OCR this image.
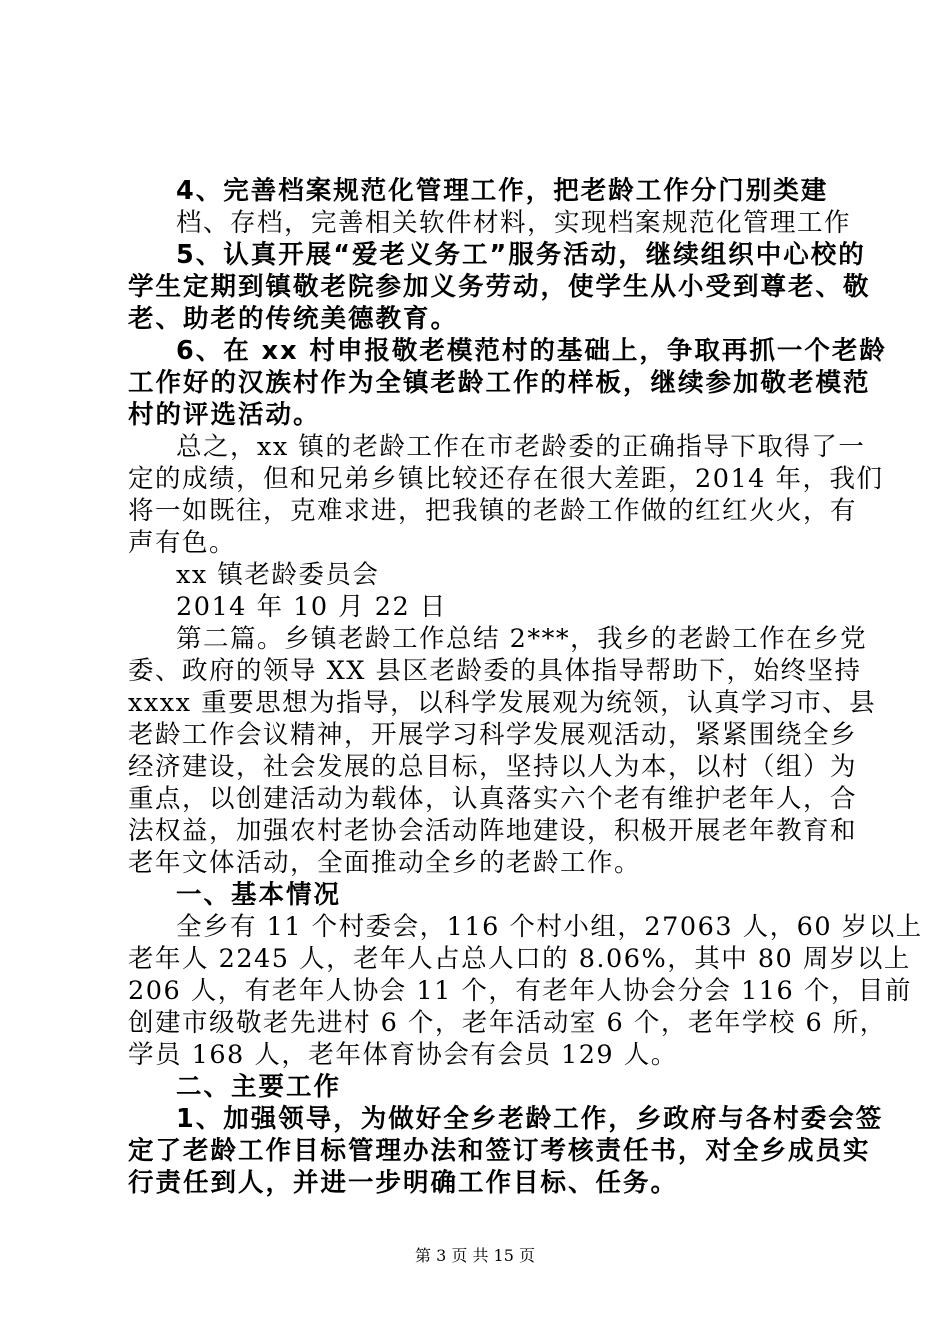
4、完善档案规范化管理工作，把老龄工作分门别类建
档、存档，完善相关软件材料，实现档案规范化管理工作
5、认真开展“爱老义务工”服务活动，继续组织中心校的
学生定期到镇敬老院参加义务劳动，使学生从小受到尊老、敬
老、助老的传统美德教育。
6、在 xx 村申报敬老模范村的基础上，争取再抓一个老龄
工作好的汉族村作为全镇老龄工作的样板，继续参加敬老模范
村的评选活动。
总之，xx 镇的老龄工作在市老龄委的正确指导下取得了一
定的成绩，但和兄弟乡镇比较还存在很大差距，2014 年，我们
将一如既往，克难求进，把我镇的老龄工作做的红红火火，有
声有色。
xx 镇老龄委员会
2014 年 10 月 22 日
第二篇。乡镇老龄工作总结 2***，我乡的老龄工作在乡党
委、政府的领导 XX 县区老龄委的具体指导帮助下，始终坚持
xxxx 重要思想为指导，以科学发展观为统领，认真学习市、县
老龄工作会议精神，开展学习科学发展观活动，紧紧围绕全乡
经济建设，社会发展的总目标，坚持以人为本，以村（组）为
重点，以创建活动为载体，认真落实六个老有维护老年人，合
法权益，加强农村老协会活动阵地建设，积极开展老年教育和
老年文体活动，全面推动全乡的老龄工作。
一、基本情况
全乡有 11 个村委会，116 个村小组，27063 人，60 岁以上
老年人 2245 人，老年人占总人口的 8.06%，其中 80 周岁以上
206 人，有老年人协会 11 个，有老年人协会分会 116 个，目前
创建市级敬老先进村 6 个，老年活动室 6 个，老年学校 6 所，
学员 168 人，老年体育协会有会员 129 人。
二、主要工作
1、加强领导，为做好全乡老龄工作，乡政府与各村委会签
定了老龄工作目标管理办法和签订考核责任书，对全乡成员实
行责任到人，并进一步明确工作目标、任务。
第 3 页 共 15 页
